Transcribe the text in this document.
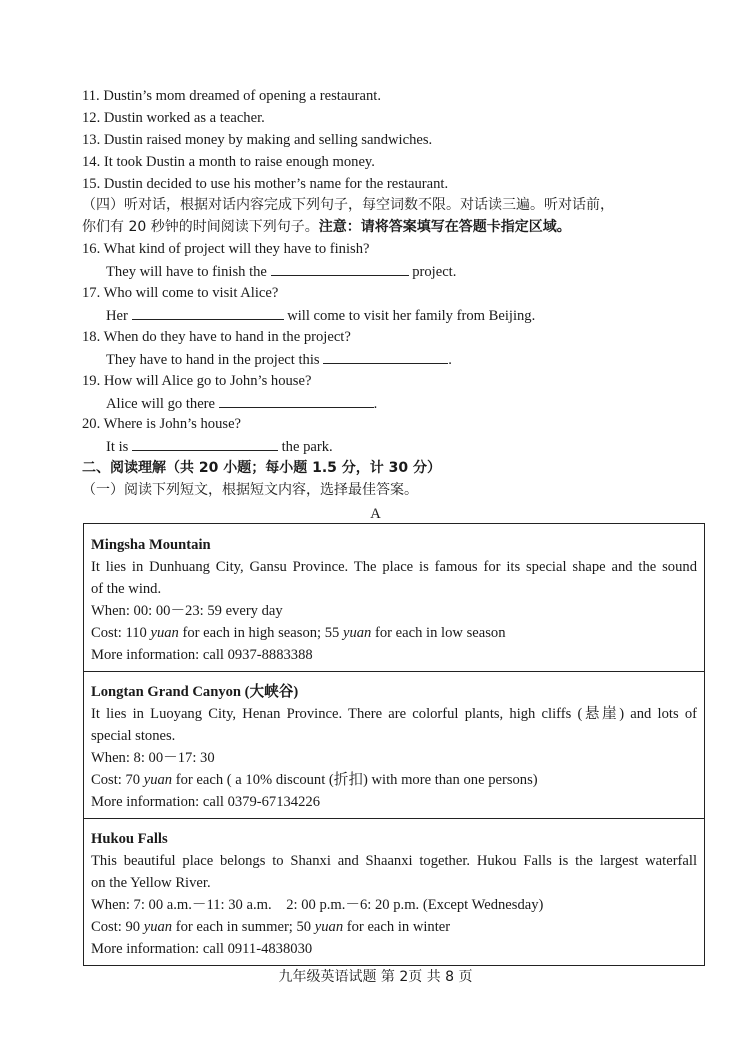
11. Dustin’s mom dreamed of opening a restaurant.
12. Dustin worked as a teacher.
13. Dustin raised money by making and selling sandwiches.
14. It took Dustin a month to raise enough money.
15. Dustin decided to use his mother’s name for the restaurant.
（四）听对话，根据对话内容完成下列句子，每空词数不限。对话读三遍。听对话前，
你们有 20 秒钟的时间阅读下列句子。注意：请将答案填写在答题卡指定区域。
16. What kind of project will they have to finish?
They will have to finish the	project.
17. Who will come to visit Alice?
Her	will come to visit her family from Beijing.
18. When do they have to hand in the project?
They have to hand in the project this	.
19. How will Alice go to John’s house?
Alice will go there	.
20. Where is John’s house?
It is	the park.
二、阅读理解（共 20 小题；每小题 1.5 分，计 30 分）
（一）阅读下列短文，根据短文内容，选择最佳答案。
A
Mingsha Mountain
It lies in Dunhuang City, Gansu Province. The place is famous for its special shape and the sound
of the wind.
When: 00: 00－23: 59 every day
Cost: 110 yuan for each in high season; 55 yuan for each in low season
More information: call 0937-8883388
Longtan Grand Canyon (大峡谷)
It lies in Luoyang City, Henan Province. There are colorful plants, high cliffs (悬崖) and lots of
special stones.
When: 8: 00－17: 30
Cost: 70 yuan for each ( a 10% discount (折扣) with more than one persons)
More information: call 0379-67134226
Hukou Falls
This beautiful place belongs to Shanxi and Shaanxi together. Hukou Falls is the largest waterfall
on the Yellow River.
When: 7: 00 a.m.－11: 30 a.m.    2: 00 p.m.－6: 20 p.m. (Except Wednesday)
Cost: 90 yuan for each in summer; 50 yuan for each in winter
More information: call 0911-4838030
九年级英语试题 第 2页 共 8 页
